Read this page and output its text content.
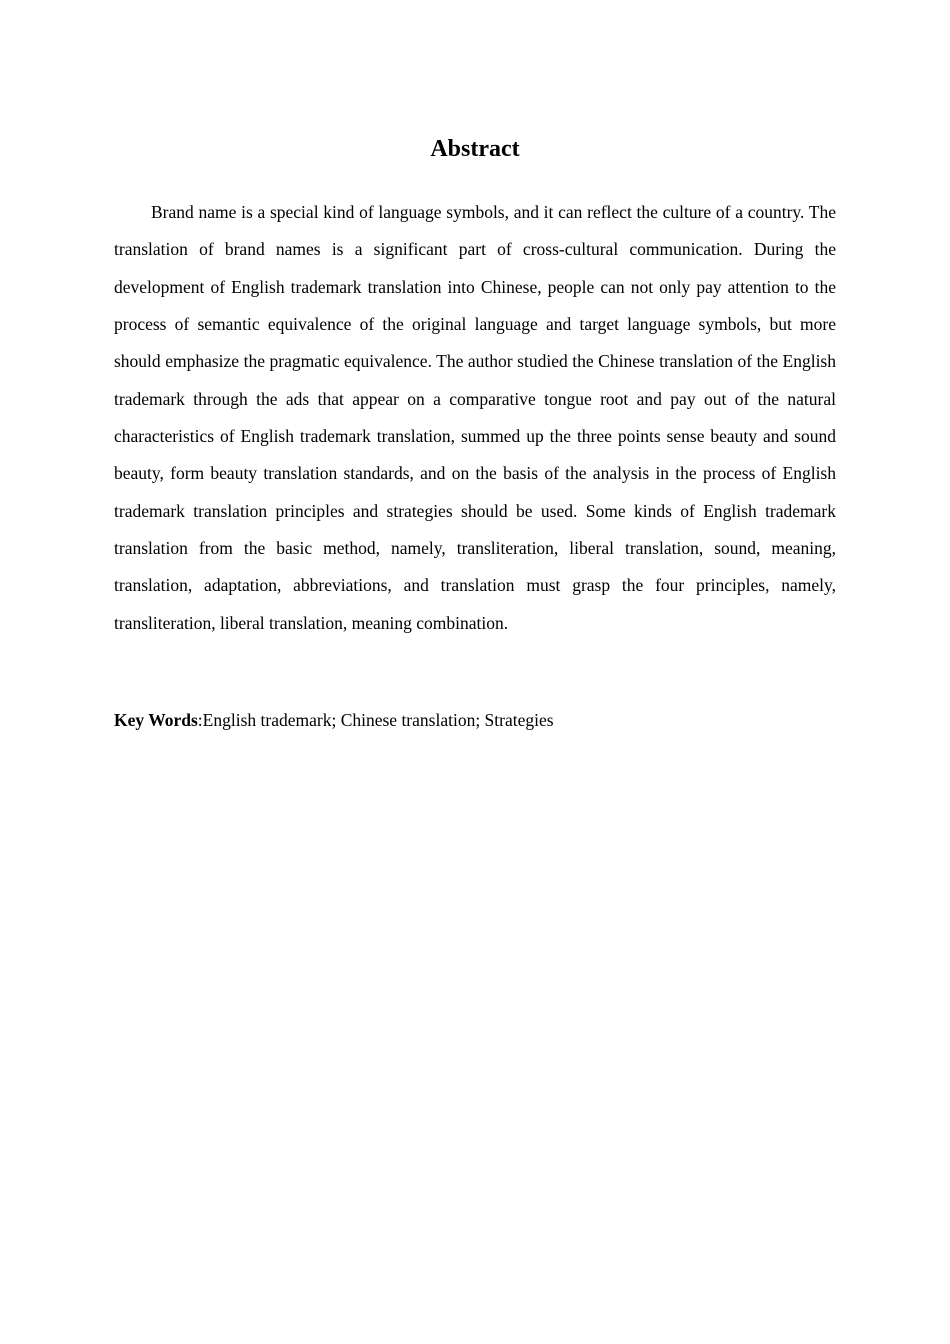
Abstract

Brand name is a special kind of language symbols, and it can reflect the culture of a country. The translation of brand names is a significant part of cross-cultural communication. During the development of English trademark translation into Chinese, people can not only pay attention to the process of semantic equivalence of the original language and target language symbols, but more should emphasize the pragmatic equivalence. The author studied the Chinese translation of the English trademark through the ads that appear on a comparative tongue root and pay out of the natural characteristics of English trademark translation, summed up the three points sense beauty and sound beauty, form beauty translation standards, and on the basis of the analysis in the process of English trademark translation principles and strategies should be used. Some kinds of English trademark translation from the basic method, namely, transliteration, liberal translation, sound, meaning, translation, adaptation, abbreviations, and translation must grasp the four principles, namely, transliteration, liberal translation, meaning combination.

Key Words:English trademark; Chinese translation; Strategies
